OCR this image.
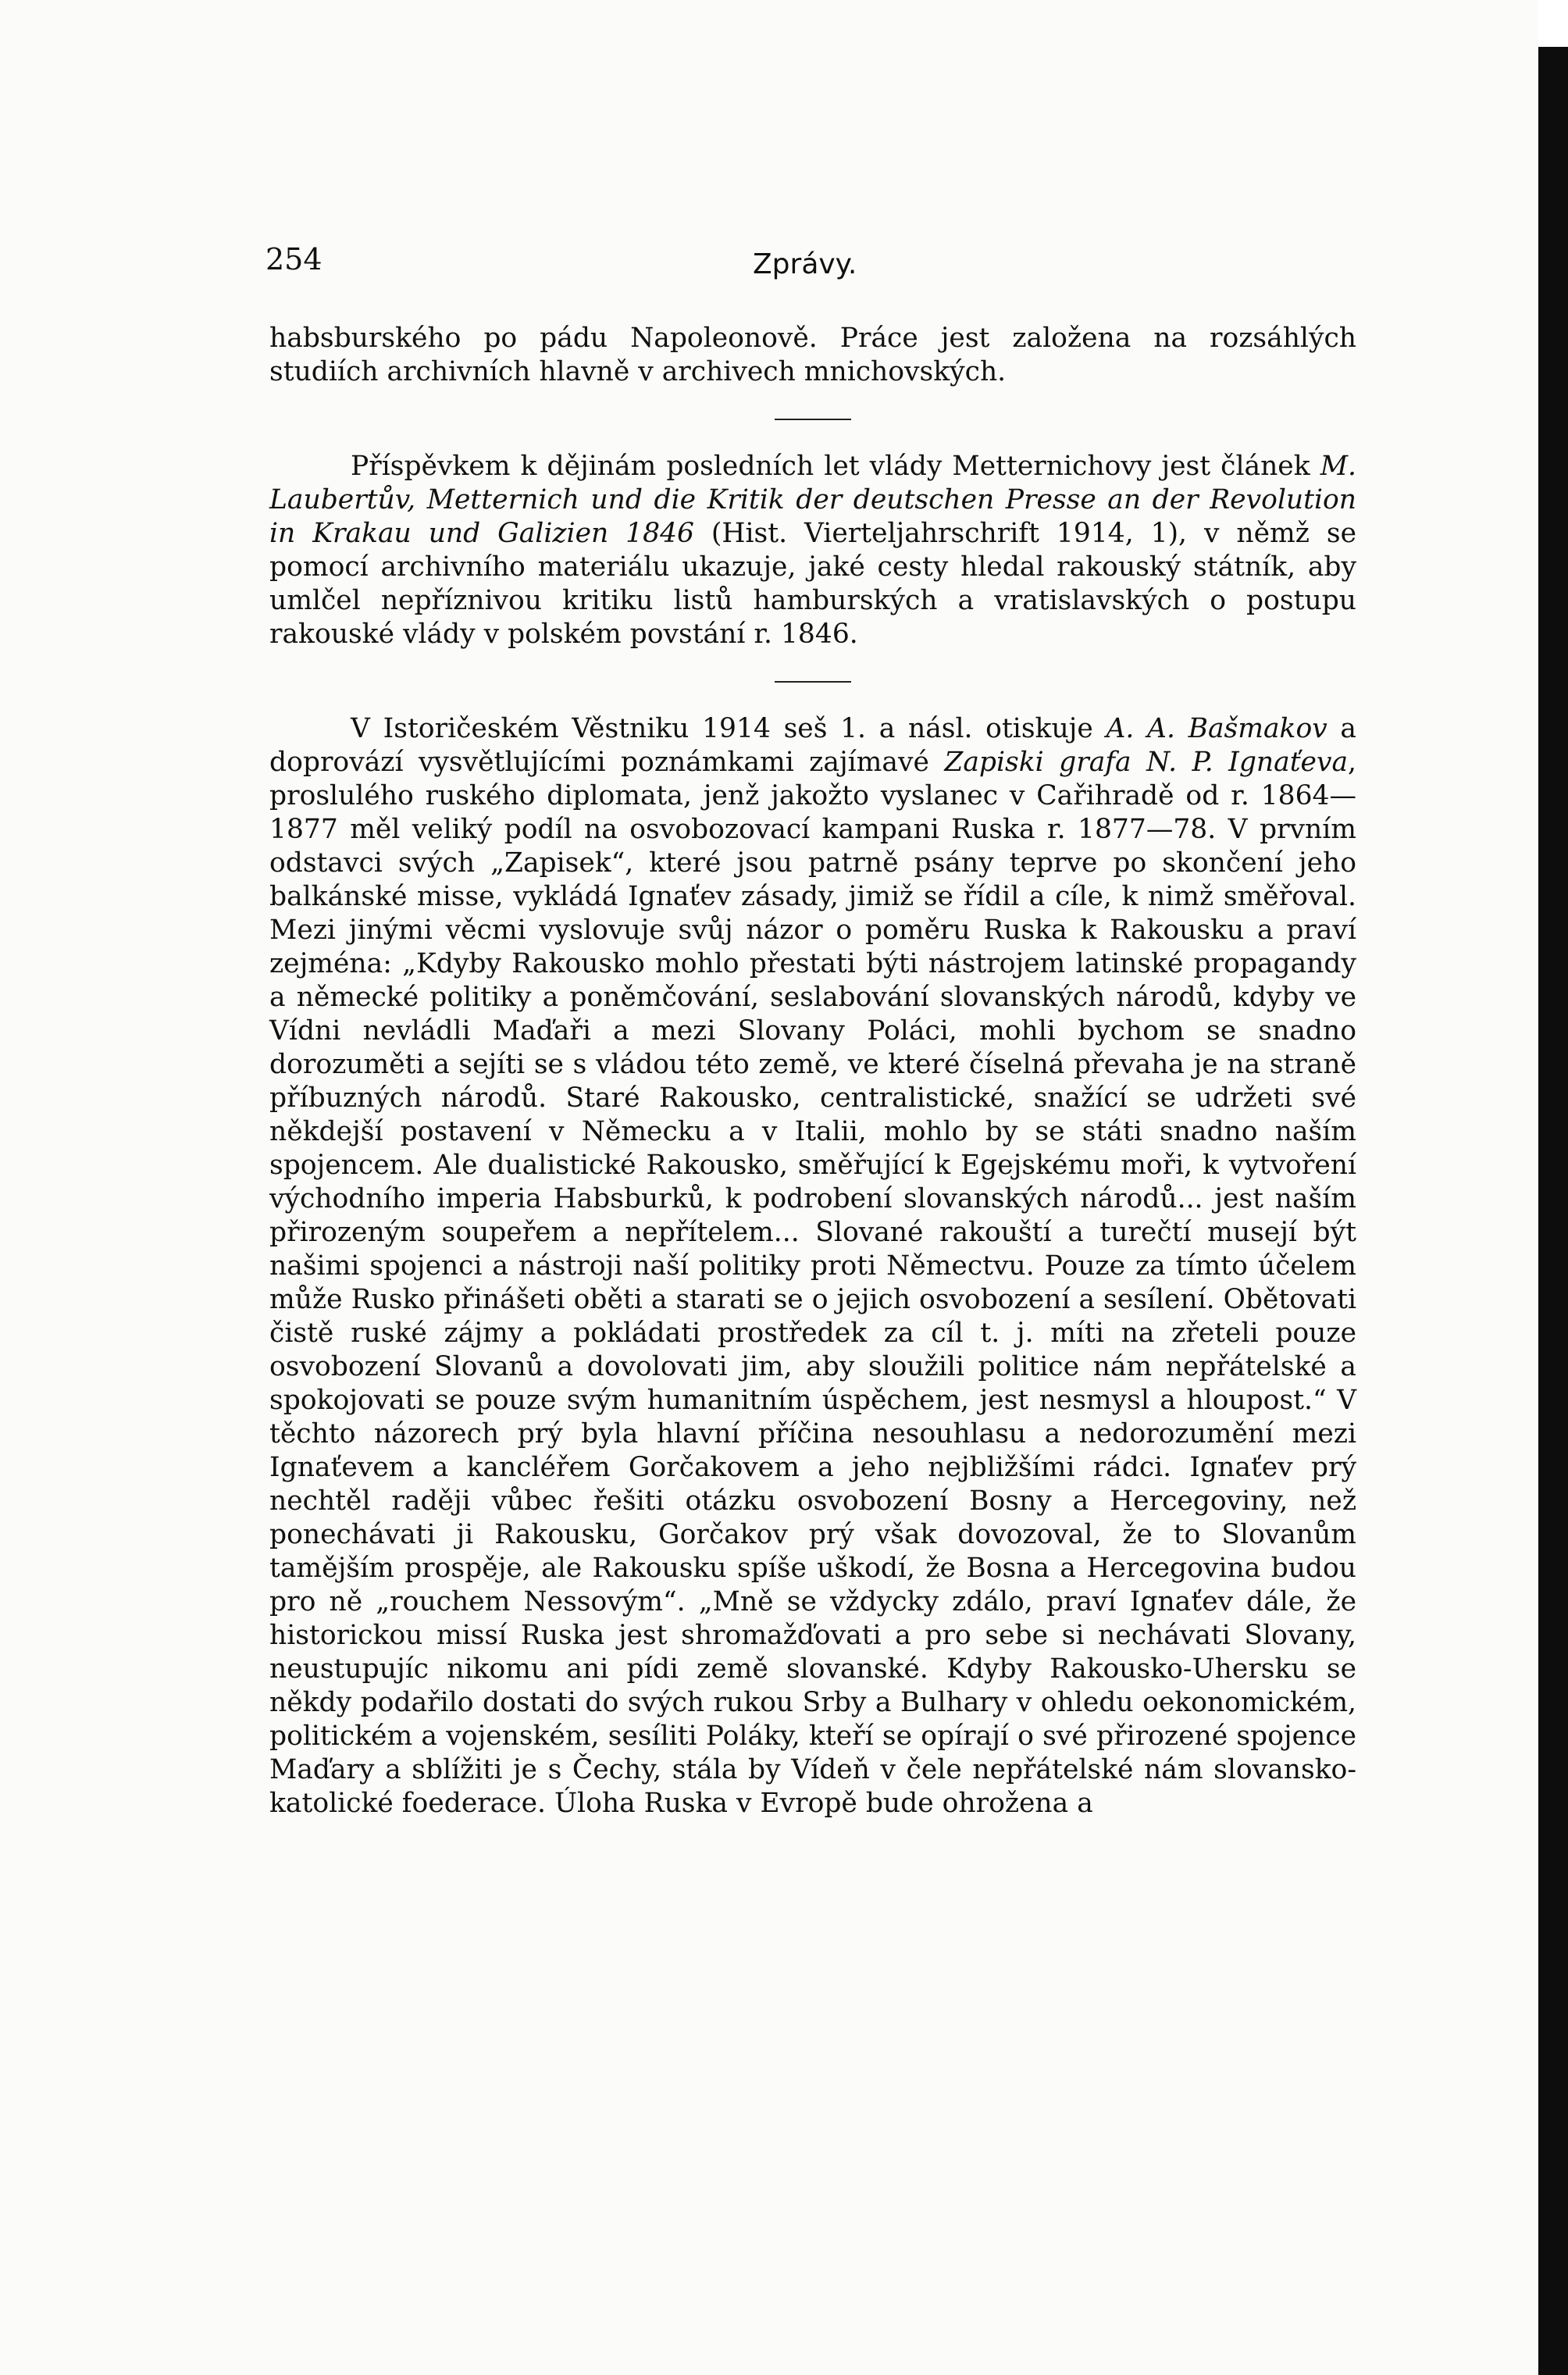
254	Zprávy.

habsburského po pádu Napoleonově. Práce jest založena na rozsáhlých studiích archivních hlavně v archivech mnichovských.

Příspěvkem k dějinám posledních let vlády Metternichovy jest článek M. Laubertův, Metternich und die Kritik der deutschen Presse an der Revolution in Krakau und Galizien 1846 (Hist. Vierteljahrschrift 1914, 1), v němž se pomocí archivního materiálu ukazuje, jaké cesty hledal rakouský státník, aby umlčel nepříznivou kritiku listů hamburských a vratislavských o postupu rakouské vlády v polském povstání r. 1846.

V Istoričeském Věstniku 1914 seš 1. a násl. otiskuje A. A. Bašmakov a doprovází vysvětlujícími poznámkami zajímavé Zapiski grafa N. P. Ignaťeva, proslulého ruského diplomata, jenž jakožto vyslanec v Cařihradě od r. 1864—1877 měl veliký podíl na osvobozovací kampani Ruska r. 1877—78. V prvním odstavci svých „Zapisek“, které jsou patrně psány teprve po skončení jeho balkánské misse, vykládá Ignaťev zásady, jimiž se řídil a cíle, k nimž směřoval. Mezi jinými věcmi vyslovuje svůj názor o poměru Ruska k Rakousku a praví zejména: „Kdyby Rakousko mohlo přestati býti nástrojem latinské propagandy a německé politiky a poněmčování, seslabování slovanských národů, kdyby ve Vídni nevládli Maďaři a mezi Slovany Poláci, mohli bychom se snadno dorozuměti a sejíti se s vládou této země, ve které číselná převaha je na straně příbuzných národů. Staré Rakousko, centralistické, snažící se udržeti své někdejší postavení v Německu a v Italii, mohlo by se státi snadno naším spojencem. Ale dualistické Rakousko, směřující k Egejskému moři, k vytvoření východního imperia Habsburků, k podrobení slovanských národů... jest naším přirozeným soupeřem a nepřítelem... Slované rakouští a turečtí musejí být našimi spojenci a nástroji naší politiky proti Němectvu. Pouze za tímto účelem může Rusko přinášeti oběti a starati se o jejich osvobození a sesílení. Obětovati čistě ruské zájmy a pokládati prostředek za cíl t. j. míti na zřeteli pouze osvobození Slovanů a dovolovati jim, aby sloužili politice nám nepřátelské a spokojovati se pouze svým humanitním úspěchem, jest nesmysl a hloupost.“ V těchto názorech prý byla hlavní příčina nesouhlasu a nedorozumění mezi Ignaťevem a kancléřem Gorčakovem a jeho nejbližšími rádci. Ignaťev prý nechtěl raději vůbec řešiti otázku osvobození Bosny a Hercegoviny, než ponechávati ji Rakousku, Gorčakov prý však dovozoval, že to Slovanům tamějším prospěje, ale Rakousku spíše uškodí, že Bosna a Hercegovina budou pro ně „rouchem Nessovým“. „Mně se vždycky zdálo, praví Ignaťev dále, že historickou missí Ruska jest shromažďovati a pro sebe si nechávati Slovany, neustupujíc nikomu ani pídi země slovanské. Kdyby Rakousko-Uhersku se někdy podařilo dostati do svých rukou Srby a Bulhary v ohledu oekonomickém, politickém a vojenském, sesíliti Poláky, kteří se opírají o své přirozené spojence Maďary a sblížiti je s Čechy, stála by Vídeň v čele nepřátelské nám slovansko-katolické foederace. Úloha Ruska v Evropě bude ohrožena a
